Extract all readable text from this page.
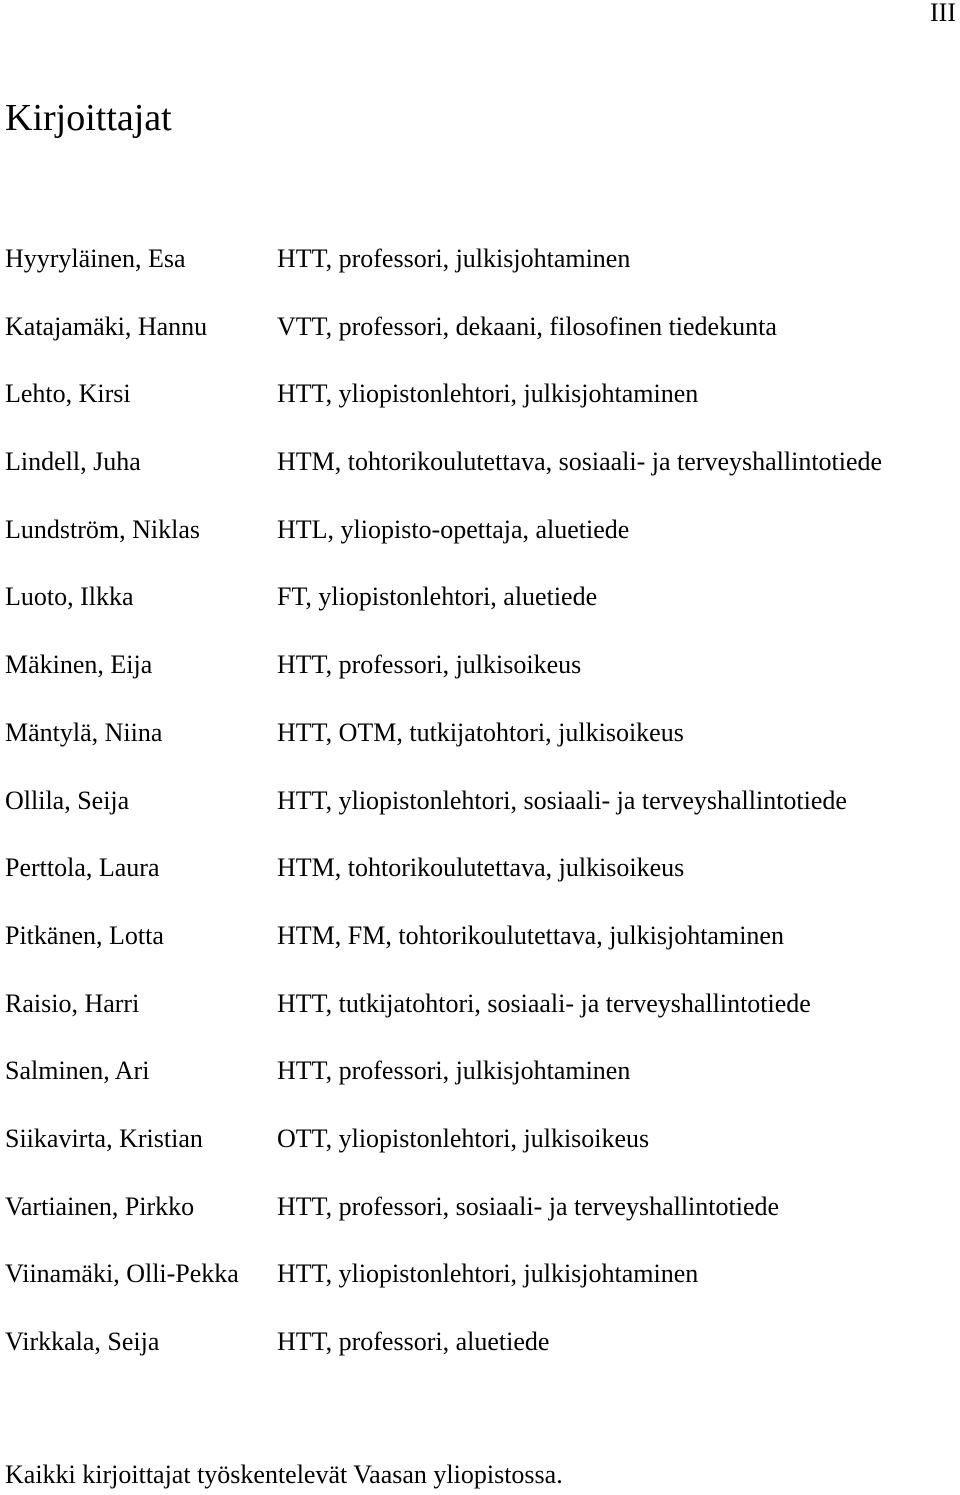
III
Kirjoittajat
Hyyryläinen, Esa	HTT, professori, julkisjohtaminen
Katajamäki, Hannu	VTT, professori, dekaani, filosofinen tiedekunta
Lehto, Kirsi	HTT, yliopistonlehtori, julkisjohtaminen
Lindell, Juha	HTM, tohtorikoulutettava, sosiaali- ja terveyshallintotiede
Lundström, Niklas	HTL, yliopisto-opettaja, aluetiede
Luoto, Ilkka	FT, yliopistonlehtori, aluetiede
Mäkinen, Eija	HTT, professori, julkisoikeus
Mäntylä, Niina	HTT, OTM, tutkijatohtori, julkisoikeus
Ollila, Seija	HTT, yliopistonlehtori, sosiaali- ja terveyshallintotiede
Perttola, Laura	HTM, tohtorikoulutettava, julkisoikeus
Pitkänen, Lotta	HTM, FM, tohtorikoulutettava, julkisjohtaminen
Raisio, Harri	HTT, tutkijatohtori, sosiaali- ja terveyshallintotiede
Salminen, Ari	HTT, professori, julkisjohtaminen
Siikavirta, Kristian	OTT, yliopistonlehtori, julkisoikeus
Vartiainen, Pirkko	HTT, professori, sosiaali- ja terveyshallintotiede
Viinamäki, Olli-Pekka	HTT, yliopistonlehtori, julkisjohtaminen
Virkkala, Seija	HTT, professori, aluetiede
Kaikki kirjoittajat työskentelevät Vaasan yliopistossa.
